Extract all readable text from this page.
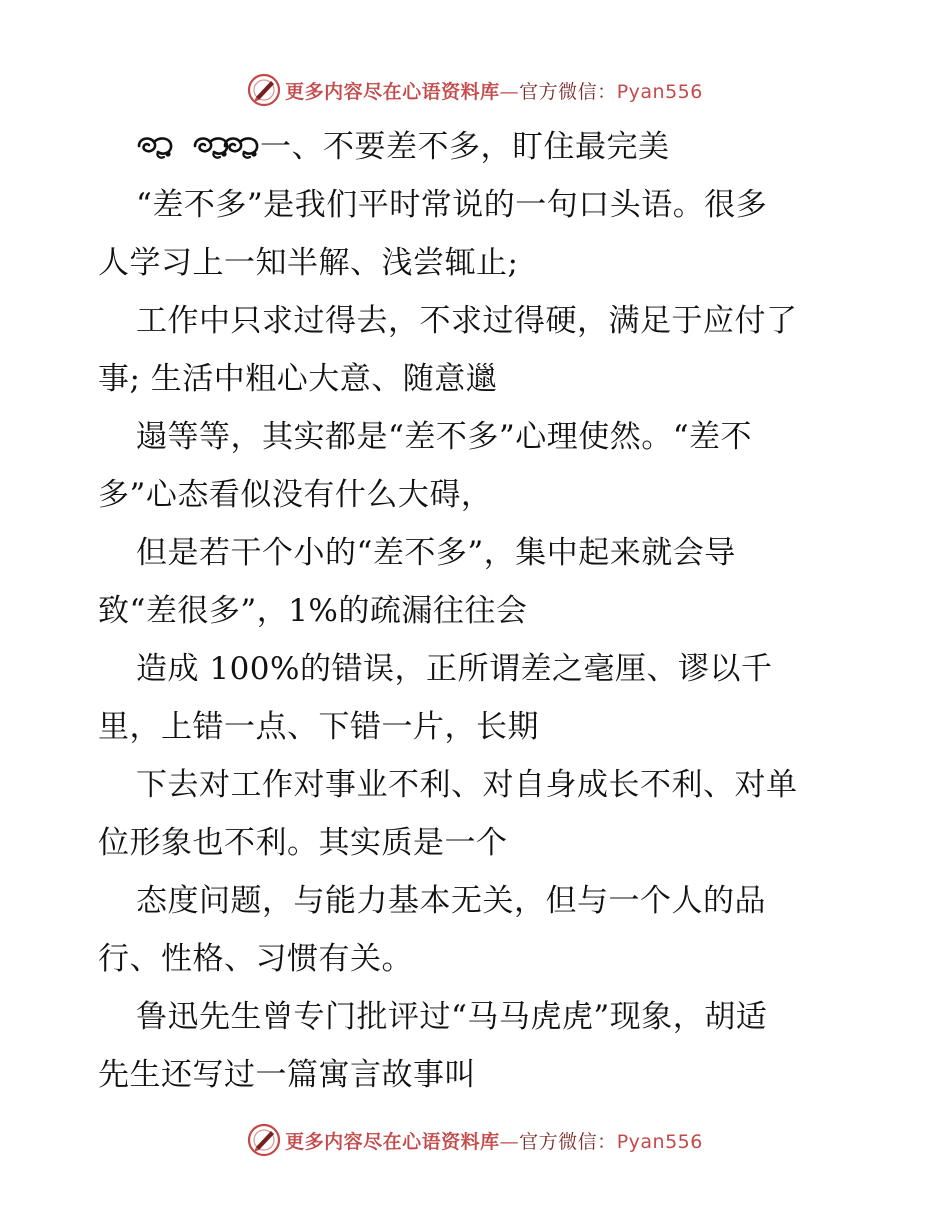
更多内容尽在心语资料库—官方微信：Pyan556
一、不要差不多，盯住最完美
“差不多”是我们平时常说的一句口头语。很多
人学习上一知半解、浅尝辄止;
工作中只求过得去，不求过得硬，满足于应付了
事; 生活中粗心大意、随意邋
遢等等，其实都是“差不多”心理使然。“差不
多”心态看似没有什么大碍，
但是若干个小的“差不多”，集中起来就会导
致“差很多”，1%的疏漏往往会
造成 100%的错误，正所谓差之毫厘、谬以千
里，上错一点、下错一片，长期
下去对工作对事业不利、对自身成长不利、对单
位形象也不利。其实质是一个
态度问题，与能力基本无关，但与一个人的品
行、性格、习惯有关。
鲁迅先生曾专门批评过“马马虎虎”现象，胡适
先生还写过一篇寓言故事叫
更多内容尽在心语资料库—官方微信：Pyan556
